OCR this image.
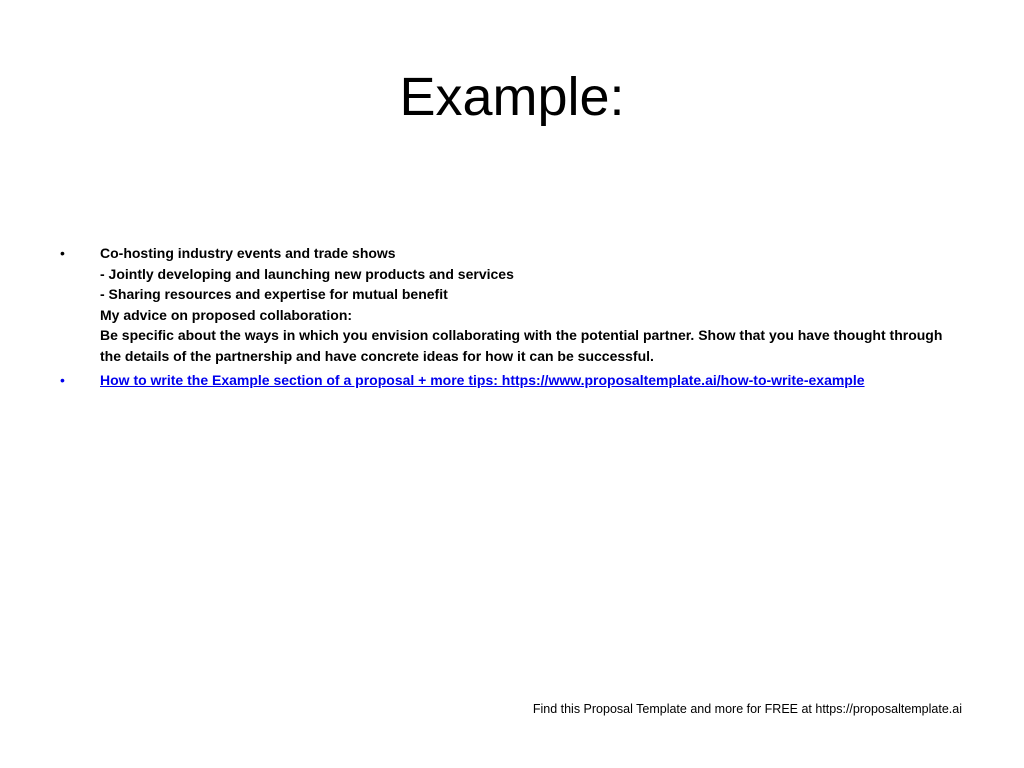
Example:
•	Co-hosting industry events and trade shows
- Jointly developing and launching new products and services
- Sharing resources and expertise for mutual benefit
My advice on proposed collaboration:
Be specific about the ways in which you envision collaborating with the potential partner. Show that you have thought through the details of the partnership and have concrete ideas for how it can be successful.
•	How to write the Example section of a proposal + more tips: https://www.proposaltemplate.ai/how-to-write-example
Find this Proposal Template and more for FREE at https://proposaltemplate.ai
